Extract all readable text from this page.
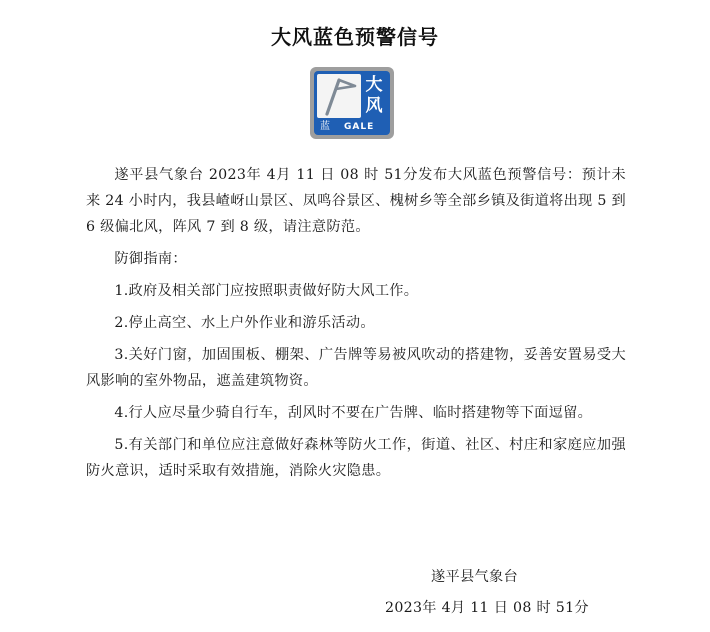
大风蓝色预警信号
大
风
蓝 GALE

遂平县气象台 2023年 4月 11 日 08 时 51分发布大风蓝色预警信号：预计未来 24 小时内，我县嵖岈山景区、凤鸣谷景区、槐树乡等全部乡镇及街道将出现 5 到 6 级偏北风，阵风 7 到 8 级，请注意防范。

防御指南：

1.政府及相关部门应按照职责做好防大风工作。

2.停止高空、水上户外作业和游乐活动。

3.关好门窗，加固围板、棚架、广告牌等易被风吹动的搭建物，妥善安置易受大风影响的室外物品，遮盖建筑物资。

4.行人应尽量少骑自行车，刮风时不要在广告牌、临时搭建物等下面逗留。

5.有关部门和单位应注意做好森林等防火工作，街道、社区、村庄和家庭应加强防火意识，适时采取有效措施，消除火灾隐患。

遂平县气象台
2023年 4月 11 日 08 时 51分
